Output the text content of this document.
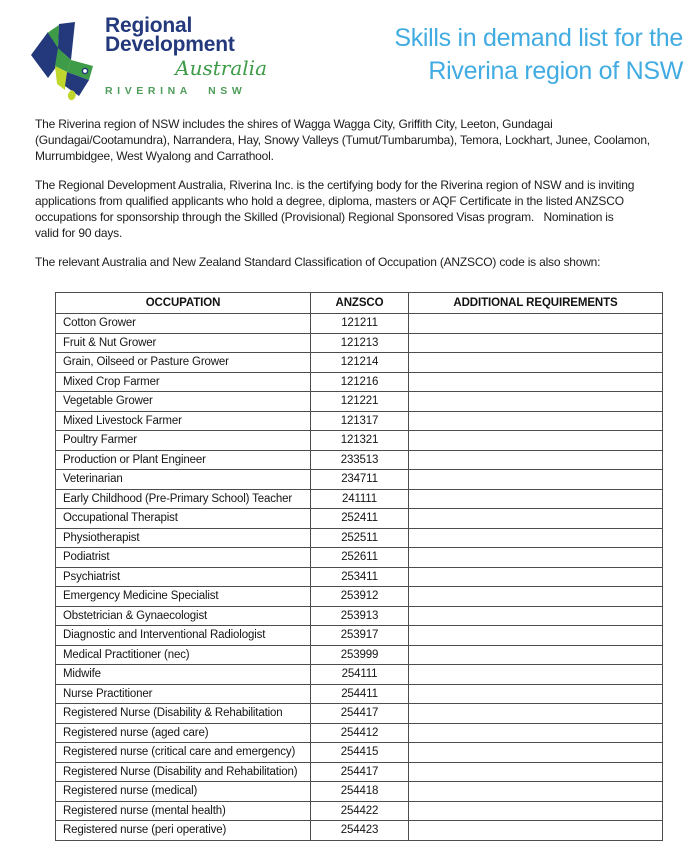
Regional
Development
Australia
RIVERINA NSW
Skills in demand list for the
Riverina region of NSW

The Riverina region of NSW includes the shires of Wagga Wagga City, Griffith City, Leeton, Gundagai
(Gundagai/Cootamundra), Narrandera, Hay, Snowy Valleys (Tumut/Tumbarumba), Temora, Lockhart, Junee, Coolamon,
Murrumbidgee, West Wyalong and Carrathool.

The Regional Development Australia, Riverina Inc. is the certifying body for the Riverina region of NSW and is inviting
applications from qualified applicants who hold a degree, diploma, masters or AQF Certificate in the listed ANZSCO
occupations for sponsorship through the Skilled (Provisional) Regional Sponsored Visas program.   Nomination is
valid for 90 days.

The relevant Australia and New Zealand Standard Classification of Occupation (ANZSCO) code is also shown:

OCCUPATION	ANZSCO	ADDITIONAL REQUIREMENTS
Cotton Grower	121211	
Fruit & Nut Grower	121213	
Grain, Oilseed or Pasture Grower	121214	
Mixed Crop Farmer	121216	
Vegetable Grower	121221	
Mixed Livestock Farmer	121317	
Poultry Farmer	121321	
Production or Plant Engineer	233513	
Veterinarian	234711	
Early Childhood (Pre-Primary School) Teacher	241111	
Occupational Therapist	252411	
Physiotherapist	252511	
Podiatrist	252611	
Psychiatrist	253411	
Emergency Medicine Specialist	253912	
Obstetrician & Gynaecologist	253913	
Diagnostic and Interventional Radiologist	253917	
Medical Practitioner (nec)	253999	
Midwife	254111	
Nurse Practitioner	254411	
Registered Nurse (Disability & Rehabilitation	254417	
Registered nurse (aged care)	254412	
Registered nurse (critical care and emergency)	254415	
Registered Nurse (Disability and Rehabilitation)	254417	
Registered nurse (medical)	254418	
Registered nurse (mental health)	254422	
Registered nurse (peri operative)	254423	
